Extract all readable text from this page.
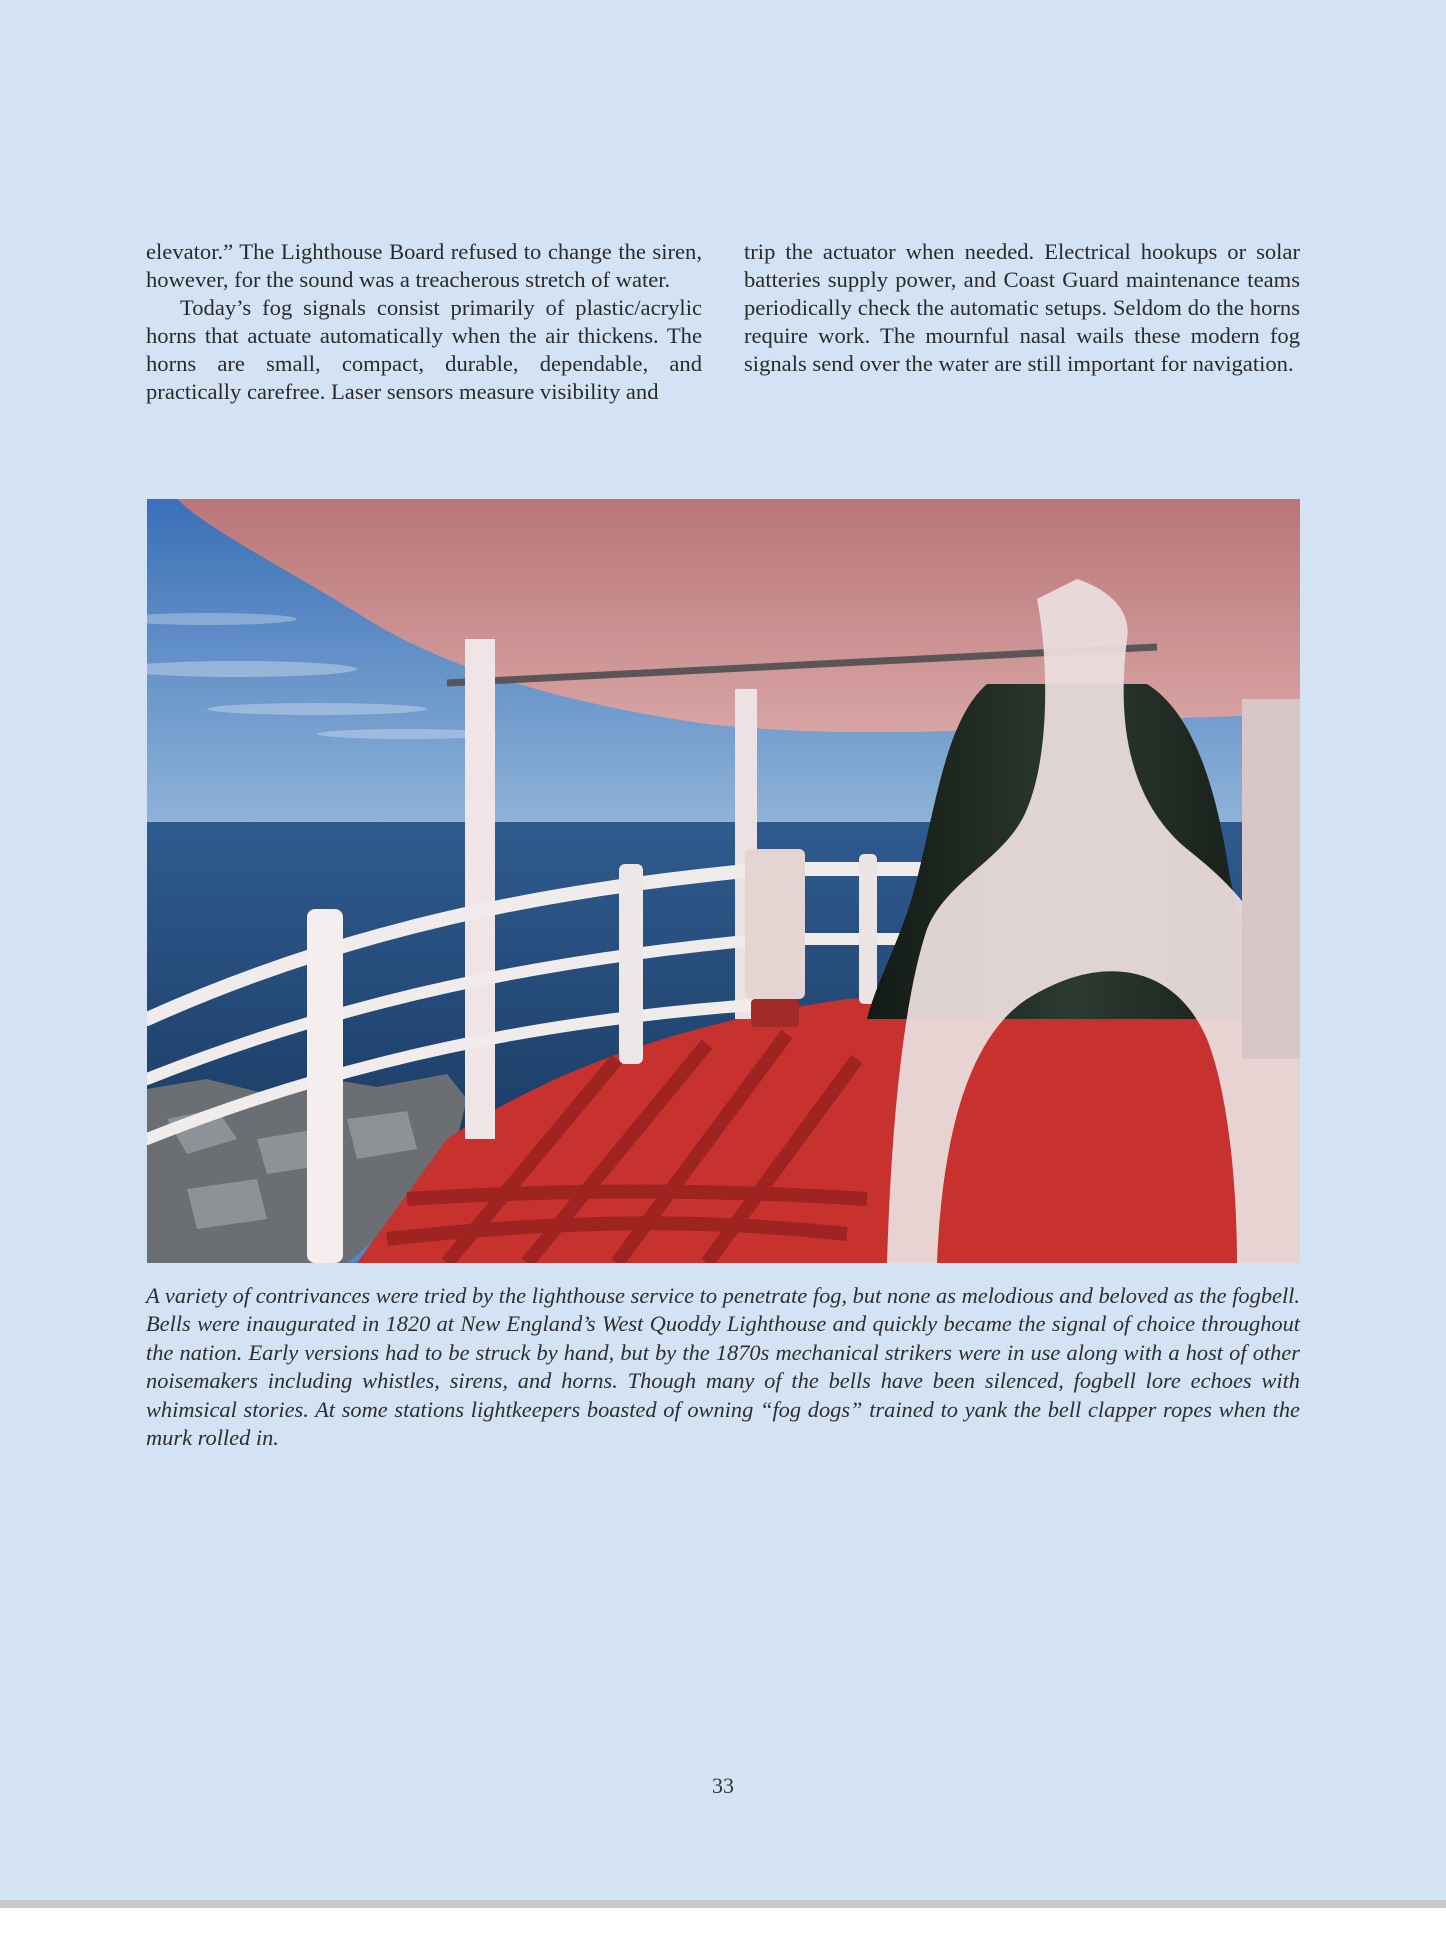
elevator.” The Lighthouse Board refused to change the siren, however, for the sound was a treacherous stretch of water.

Today’s fog signals consist primarily of plastic/acrylic horns that actuate automatically when the air thickens. The horns are small, compact, durable, dependable, and practically carefree. Laser sensors measure visibility and

trip the actuator when needed. Electrical hookups or solar batteries supply power, and Coast Guard maintenance teams periodically check the automatic setups. Seldom do the horns require work. The mournful nasal wails these modern fog signals send over the water are still important for navigation.

A variety of contrivances were tried by the lighthouse service to penetrate fog, but none as melodious and beloved as the fogbell. Bells were inaugurated in 1820 at New England’s West Quoddy Lighthouse and quickly became the signal of choice throughout the nation. Early versions had to be struck by hand, but by the 1870s mechanical strikers were in use along with a host of other noisemakers including whistles, sirens, and horns. Though many of the bells have been silenced, fogbell lore echoes with whimsical stories. At some stations lightkeepers boasted of owning “fog dogs” trained to yank the bell clapper ropes when the murk rolled in.

33
